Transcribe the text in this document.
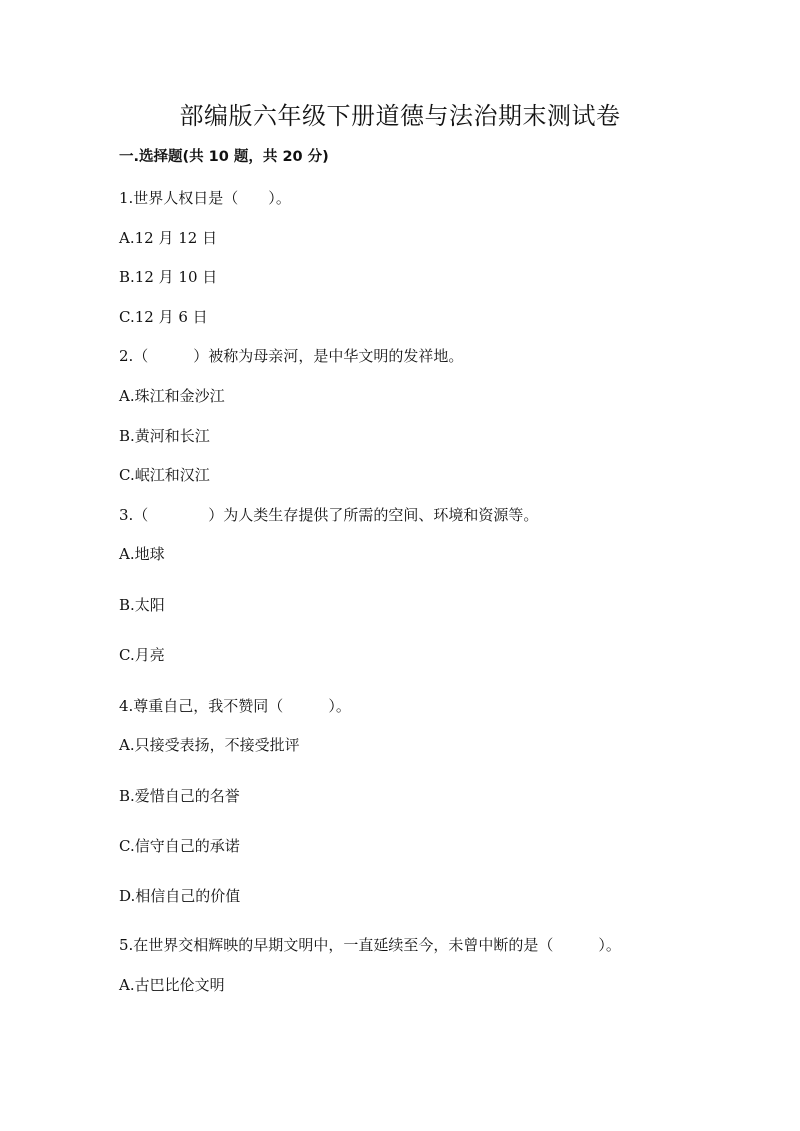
部编版六年级下册道德与法治期末测试卷

一.选择题(共 10 题，共 20 分)

1.世界人权日是（　　）。

A.12 月 12 日

B.12 月 10 日

C.12 月 6 日

2.（　　　）被称为母亲河，是中华文明的发祥地。

A.珠江和金沙江

B.黄河和长江

C.岷江和汉江

3.（　　　　）为人类生存提供了所需的空间、环境和资源等。

A.地球

B.太阳

C.月亮

4.尊重自己，我不赞同（　　　）。

A.只接受表扬，不接受批评

B.爱惜自己的名誉

C.信守自己的承诺

D.相信自己的价值

5.在世界交相辉映的早期文明中，一直延续至今，未曾中断的是（　　　）。

A.古巴比伦文明
